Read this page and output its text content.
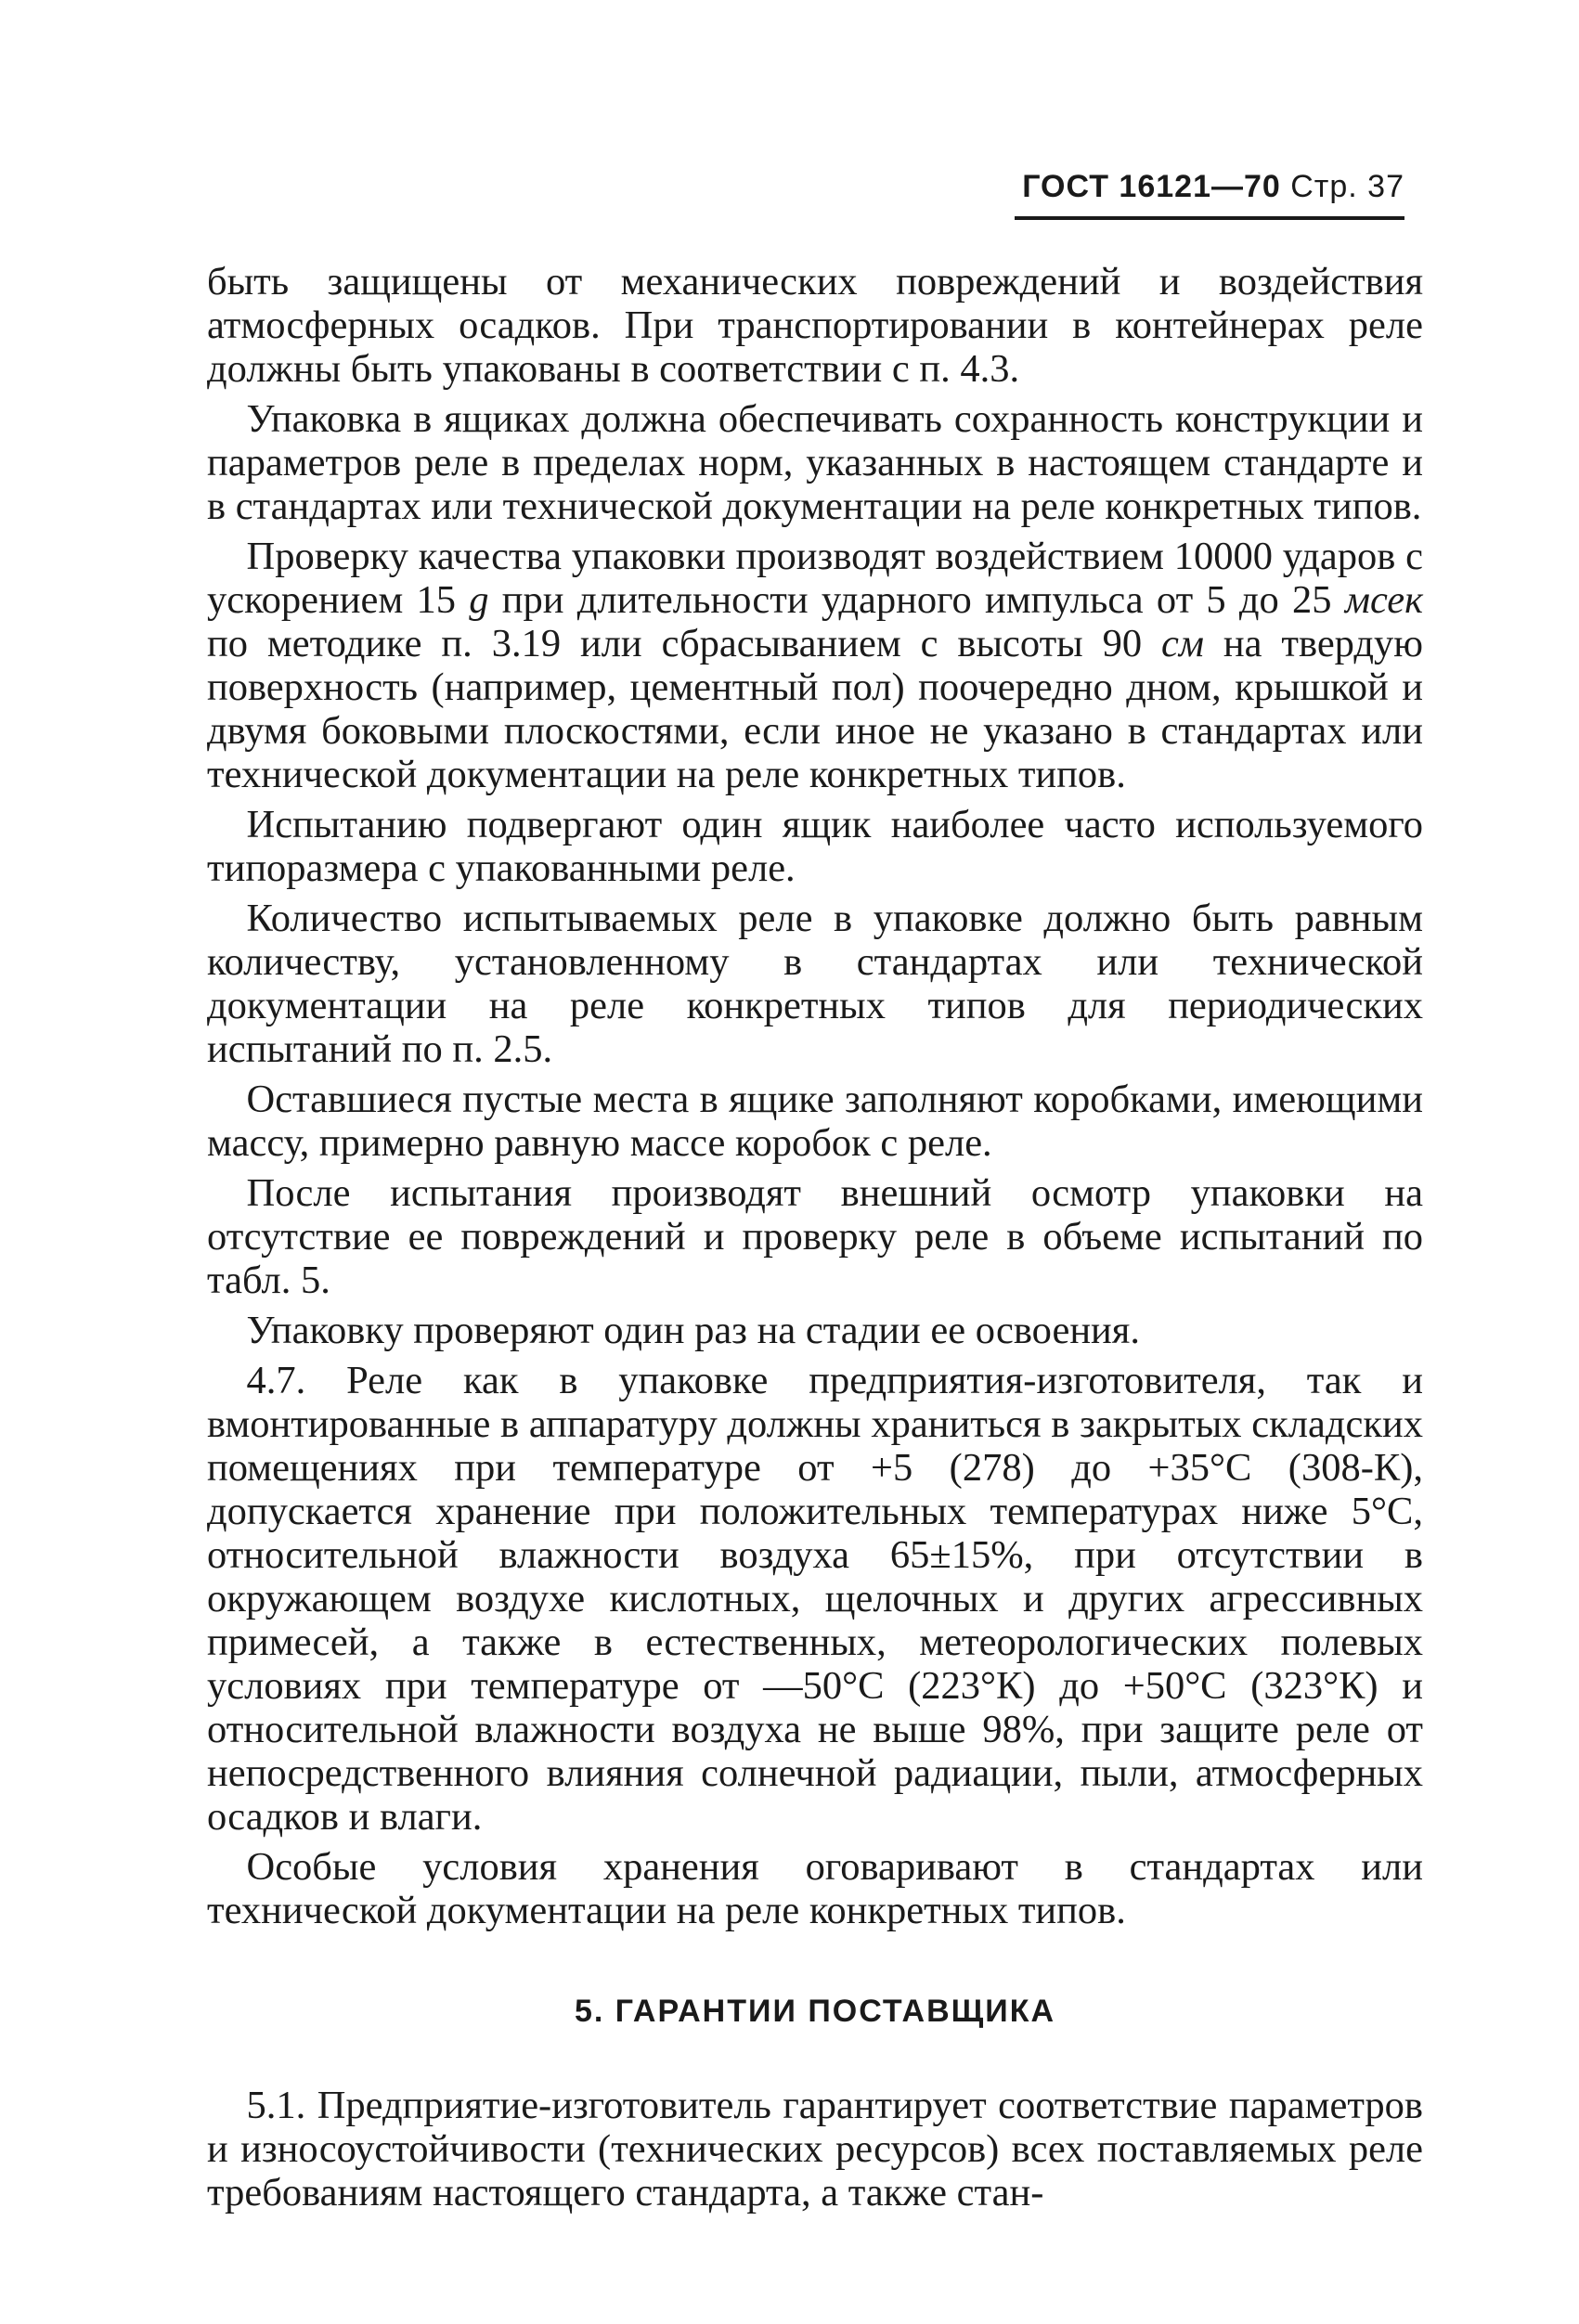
ГОСТ 16121—70 Стр. 37

быть защищены от механических повреждений и воздействия атмосферных осадков. При транспортировании в контейнерах реле должны быть упакованы в соответствии с п. 4.3.

Упаковка в ящиках должна обеспечивать сохранность конструкции и параметров реле в пределах норм, указанных в настоящем стандарте и в стандартах или технической документации на реле конкретных типов.

Проверку качества упаковки производят воздействием 10000 ударов с ускорением 15 g при длительности ударного импульса от 5 до 25 мсек по методике п. 3.19 или сбрасыванием с высоты 90 см на твердую поверхность (например, цементный пол) поочередно дном, крышкой и двумя боковыми плоскостями, если иное не указано в стандартах или технической документации на реле конкретных типов.

Испытанию подвергают один ящик наиболее часто используемого типоразмера с упакованными реле.

Количество испытываемых реле в упаковке должно быть равным количеству, установленному в стандартах или технической документации на реле конкретных типов для периодических испытаний по п. 2.5.

Оставшиеся пустые места в ящике заполняют коробками, имеющими массу, примерно равную массе коробок с реле.

После испытания производят внешний осмотр упаковки на отсутствие ее повреждений и проверку реле в объеме испытаний по табл. 5.

Упаковку проверяют один раз на стадии ее освоения.

4.7. Реле как в упаковке предприятия-изготовителя, так и вмонтированные в аппаратуру должны храниться в закрытых складских помещениях при температуре от +5 (278) до +35°С (308-К), допускается хранение при положительных температурах ниже 5°С, относительной влажности воздуха 65±15%, при отсутствии в окружающем воздухе кислотных, щелочных и других агрессивных примесей, а также в естественных, метеорологических полевых условиях при температуре от —50°С (223°К) до +50°С (323°К) и относительной влажности воздуха не выше 98%, при защите реле от непосредственного влияния солнечной радиации, пыли, атмосферных осадков и влаги.

Особые условия хранения оговаривают в стандартах или технической документации на реле конкретных типов.

5. ГАРАНТИИ ПОСТАВЩИКА

5.1. Предприятие-изготовитель гарантирует соответствие параметров и износоустойчивости (технических ресурсов) всех поставляемых реле требованиям настоящего стандарта, а также стан-
